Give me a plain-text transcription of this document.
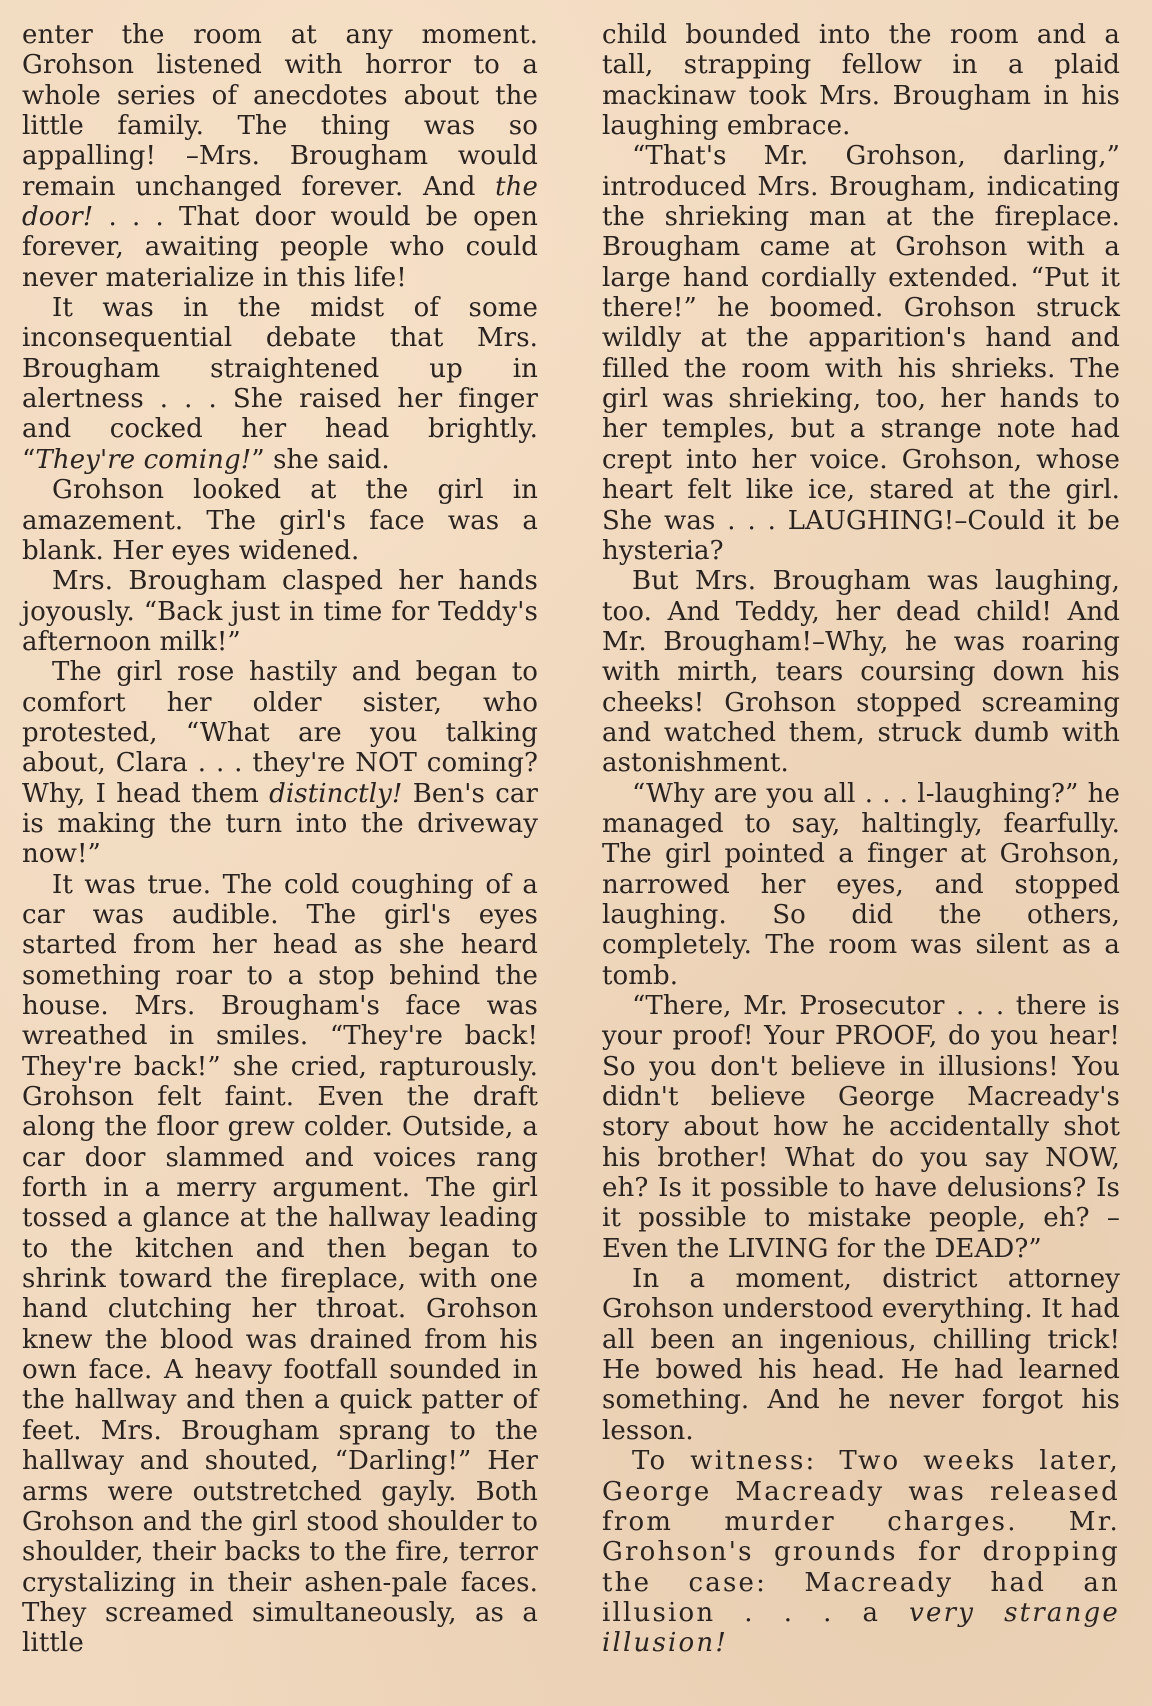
enter the room at any moment. Grohson listened with horror to a whole series of anecdotes about the little family. The thing was so appalling! –Mrs. Brougham would remain unchanged forever. And the door! . . . That door would be open forever, awaiting people who could never materialize in this life!

It was in the midst of some inconsequential debate that Mrs. Brougham straightened up in alertness . . . She raised her finger and cocked her head brightly. “They're coming!” she said.

Grohson looked at the girl in amazement. The girl's face was a blank. Her eyes widened.

Mrs. Brougham clasped her hands joyously. “Back just in time for Teddy's afternoon milk!”

The girl rose hastily and began to comfort her older sister, who protested, “What are you talking about, Clara . . . they're NOT coming? Why, I head them distinctly! Ben's car is making the turn into the driveway now!”

It was true. The cold coughing of a car was audible. The girl's eyes started from her head as she heard something roar to a stop behind the house. Mrs. Brougham's face was wreathed in smiles. “They're back! They're back!” she cried, rapturously. Grohson felt faint. Even the draft along the floor grew colder. Outside, a car door slammed and voices rang forth in a merry argument. The girl tossed a glance at the hallway leading to the kitchen and then began to shrink toward the fireplace, with one hand clutching her throat. Grohson knew the blood was drained from his own face. A heavy footfall sounded in the hallway and then a quick patter of feet. Mrs. Brougham sprang to the hallway and shouted, “Darling!” Her arms were outstretched gayly. Both Grohson and the girl stood shoulder to shoulder, their backs to the fire, terror crystalizing in their ashen-pale faces. They screamed simultaneously, as a little

child bounded into the room and a tall, strapping fellow in a plaid mackinaw took Mrs. Brougham in his laughing embrace.

“That's Mr. Grohson, darling,” introduced Mrs. Brougham, indicating the shrieking man at the fireplace. Brougham came at Grohson with a large hand cordially extended. “Put it there!” he boomed. Grohson struck wildly at the apparition's hand and filled the room with his shrieks. The girl was shrieking, too, her hands to her temples, but a strange note had crept into her voice. Grohson, whose heart felt like ice, stared at the girl. She was . . . LAUGHING!–Could it be hysteria?

But Mrs. Brougham was laughing, too. And Teddy, her dead child! And Mr. Brougham!–Why, he was roaring with mirth, tears coursing down his cheeks! Grohson stopped screaming and watched them, struck dumb with astonishment.

“Why are you all . . . l-laughing?” he managed to say, haltingly, fearfully. The girl pointed a finger at Grohson, narrowed her eyes, and stopped laughing. So did the others, completely. The room was silent as a tomb.

“There, Mr. Prosecutor . . . there is your proof! Your PROOF, do you hear! So you don't believe in illusions! You didn't believe George Macready's story about how he accidentally shot his brother! What do you say NOW, eh? Is it possible to have delusions? Is it possible to mistake people, eh? – Even the LIVING for the DEAD?”

In a moment, district attorney Grohson understood everything. It had all been an ingenious, chilling trick! He bowed his head. He had learned something. And he never forgot his lesson.

To witness: Two weeks later, George Macready was released from murder charges. Mr. Grohson's grounds for dropping the case: Macready had an illusion . . . a very strange illusion!
